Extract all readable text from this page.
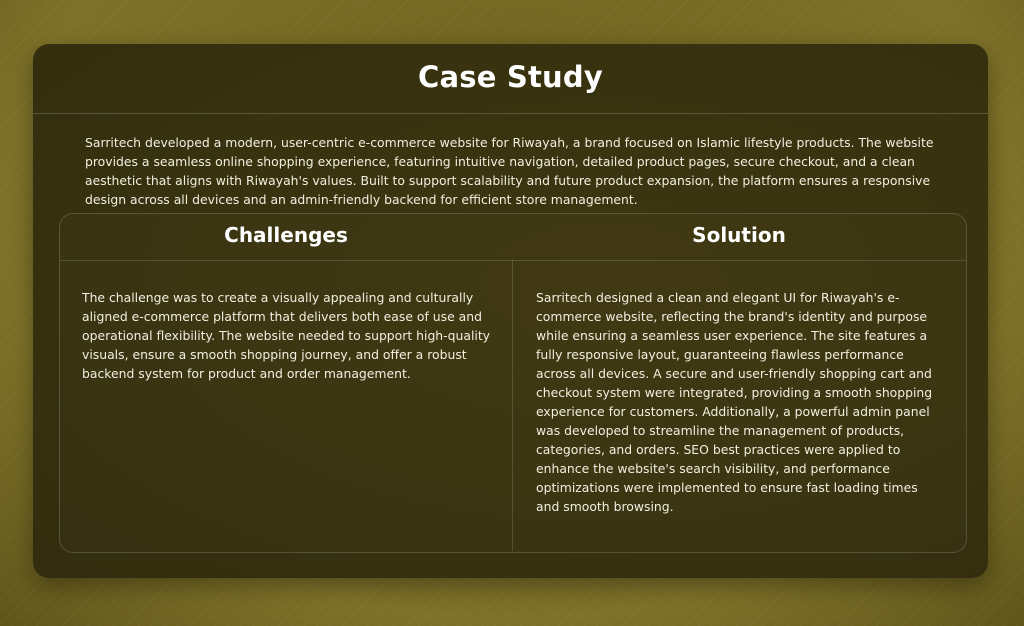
Case Study
Sarritech developed a modern, user-centric e-commerce website for Riwayah, a brand focused on Islamic lifestyle products. The website provides a seamless online shopping experience, featuring intuitive navigation, detailed product pages, secure checkout, and a clean aesthetic that aligns with Riwayah's values. Built to support scalability and future product expansion, the platform ensures a responsive design across all devices and an admin-friendly backend for efficient store management.
Challenges	Solution
The challenge was to create a visually appealing and culturally aligned e-commerce platform that delivers both ease of use and operational flexibility. The website needed to support high-quality visuals, ensure a smooth shopping journey, and offer a robust backend system for product and order management.
Sarritech designed a clean and elegant UI for Riwayah's e-commerce website, reflecting the brand's identity and purpose while ensuring a seamless user experience. The site features a fully responsive layout, guaranteeing flawless performance across all devices. A secure and user-friendly shopping cart and checkout system were integrated, providing a smooth shopping experience for customers. Additionally, a powerful admin panel was developed to streamline the management of products, categories, and orders. SEO best practices were applied to enhance the website's search visibility, and performance optimizations were implemented to ensure fast loading times and smooth browsing.
